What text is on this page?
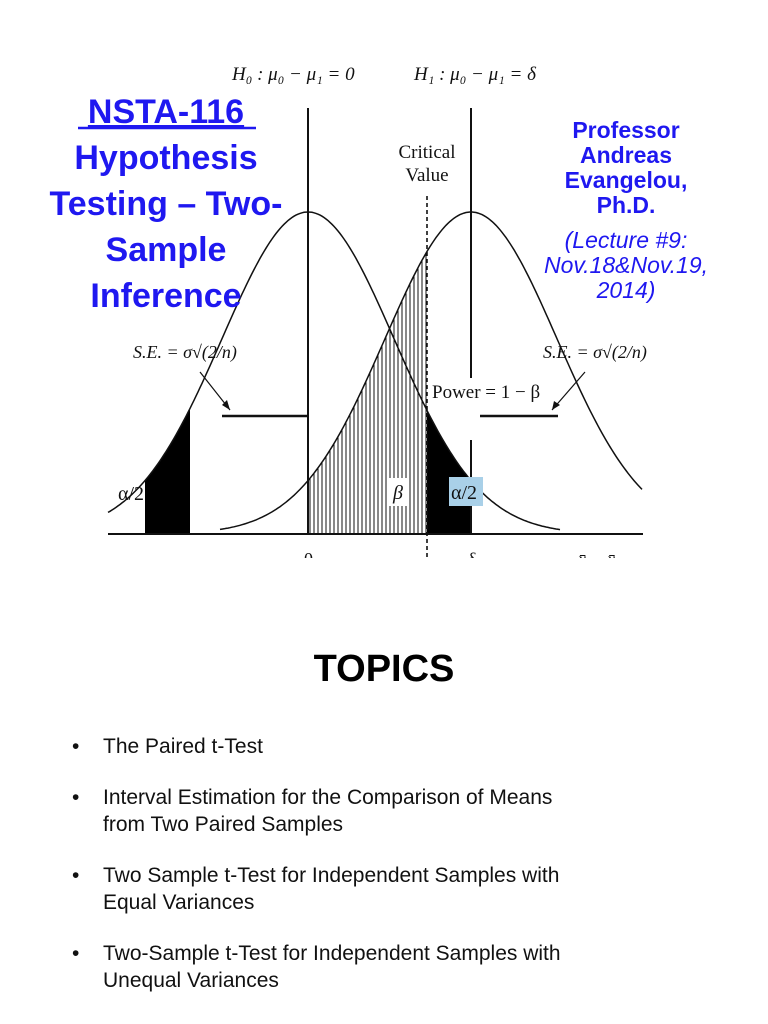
H₀ : μ₀ − μ₁ = 0	H₁ : μ₀ − μ₁ = δ
Critical
Value
S.E. = σ√(2/n)	S.E. = σ√(2/n)
Power = 1 − β
α/2	α/2
β
NSTA-116
Hypothesis
Testing – Two-
Sample
Inference
Professor
Andreas
Evangelou,
Ph.D.
(Lecture #9:
Nov.18&Nov.19,
2014)
TOPICS
• The Paired t-Test
• Interval Estimation for the Comparison of Means
from Two Paired Samples
• Two Sample t-Test for Independent Samples with
Equal Variances
• Two-Sample t-Test for Independent Samples with
Unequal Variances
